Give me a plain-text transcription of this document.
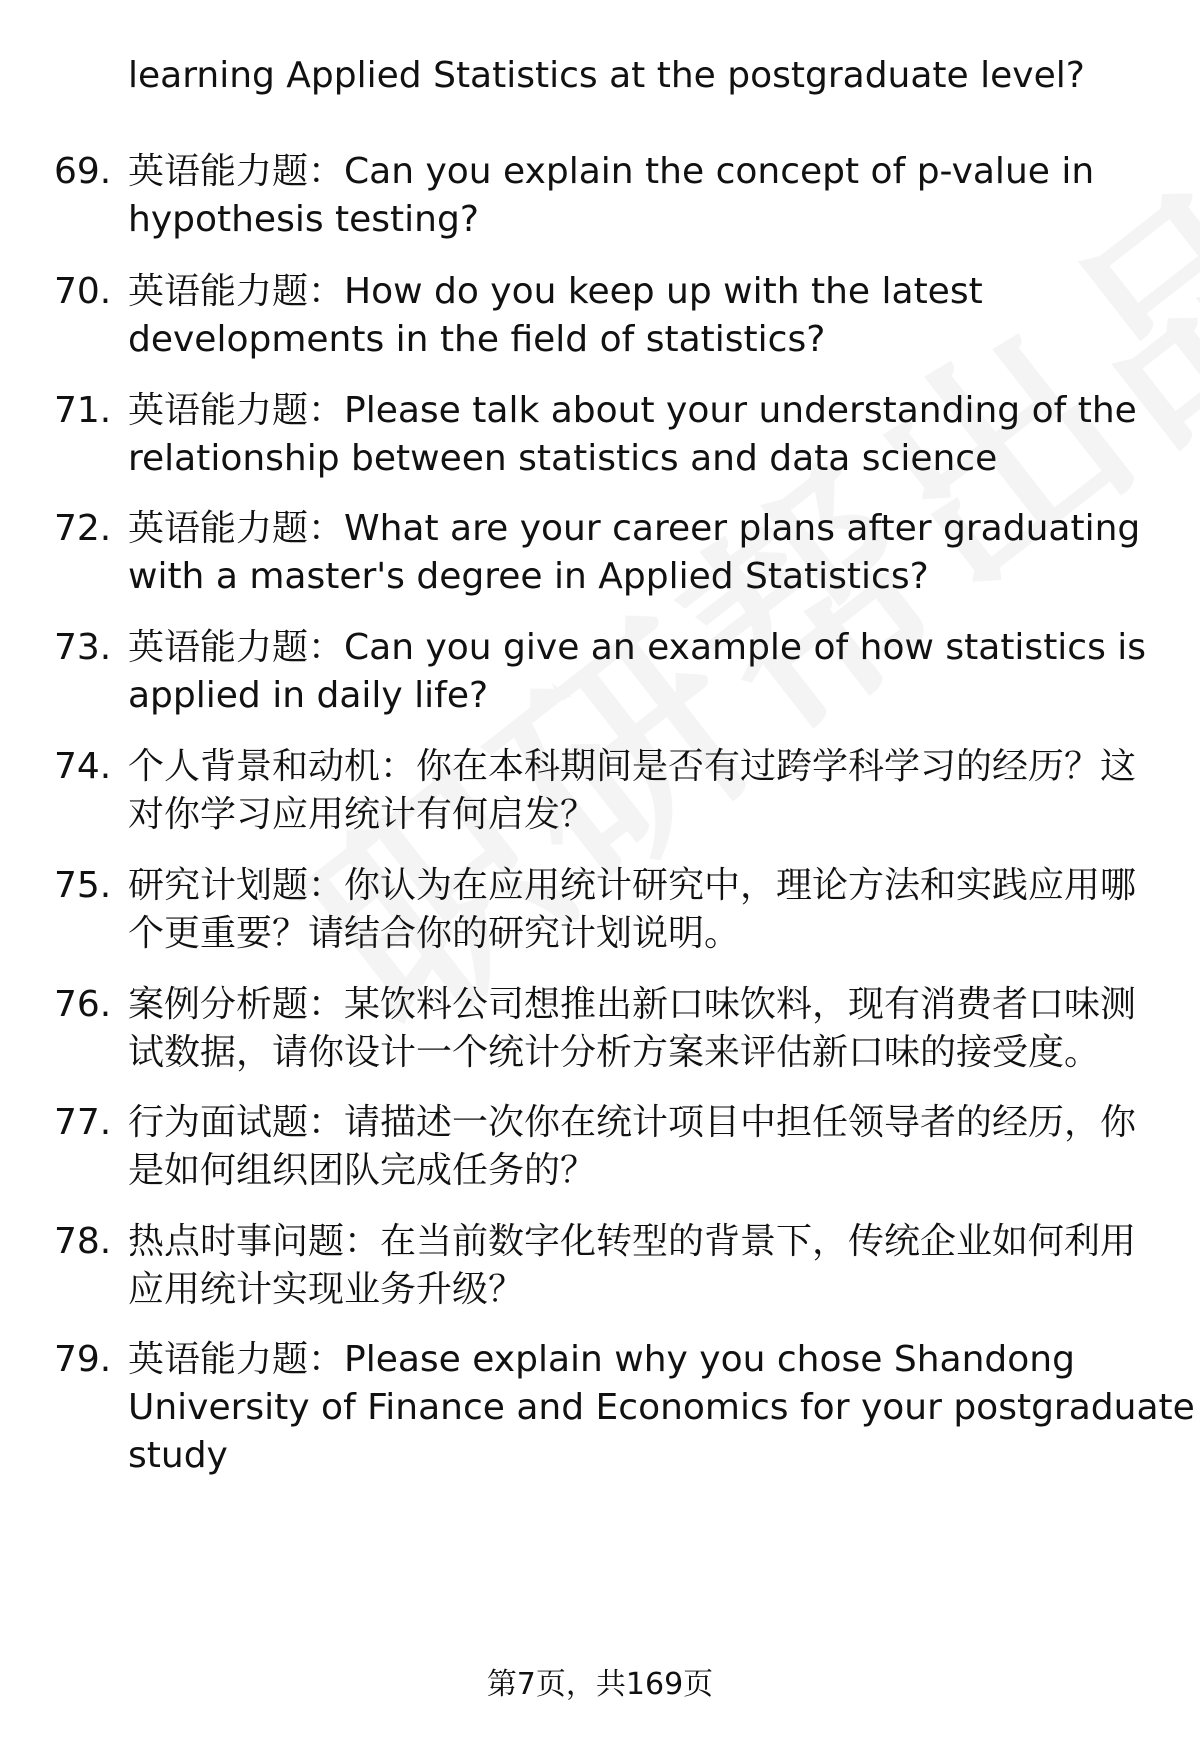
learning Applied Statistics at the postgraduate level?
69. 英语能力题：Can you explain the concept of p-value in
hypothesis testing?
70. 英语能力题：How do you keep up with the latest
developments in the field of statistics?
71. 英语能力题：Please talk about your understanding of the
relationship between statistics and data science
72. 英语能力题：What are your career plans after graduating
with a master's degree in Applied Statistics?
73. 英语能力题：Can you give an example of how statistics is
applied in daily life?
74. 个人背景和动机：你在本科期间是否有过跨学科学习的经历？这
对你学习应用统计有何启发？
75. 研究计划题：你认为在应用统计研究中，理论方法和实践应用哪
个更重要？请结合你的研究计划说明。
76. 案例分析题：某饮料公司想推出新口味饮料，现有消费者口味测
试数据，请你设计一个统计分析方案来评估新口味的接受度。
77. 行为面试题：请描述一次你在统计项目中担任领导者的经历，你
是如何组织团队完成任务的？
78. 热点时事问题：在当前数字化转型的背景下，传统企业如何利用
应用统计实现业务升级？
79. 英语能力题：Please explain why you chose Shandong
University of Finance and Economics for your postgraduate
study
第7页，共169页
